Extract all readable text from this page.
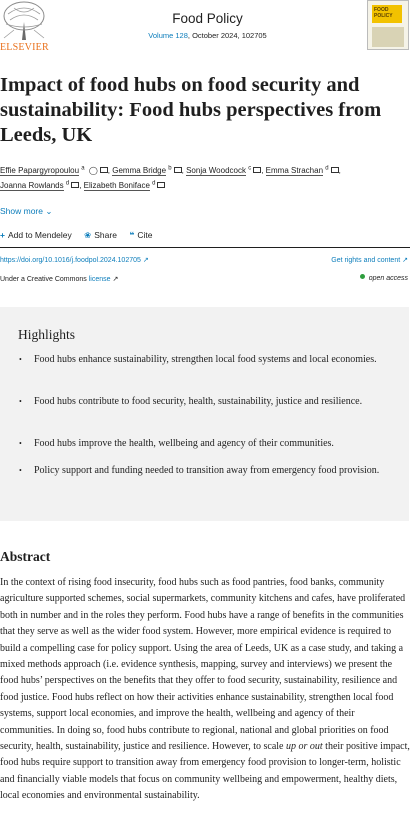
ELSEVIER
Food Policy
Volume 128, October 2024, 102705
FOOD POLICY
Impact of food hubs on food security and sustainability: Food hubs perspectives from Leeds, UK
Effie Papargyropoulou $^a$ ◯ , Gemma Bridge $^b$ , Sonja Woodcock $^c$ , Emma Strachan $^d$ ,
Joanna Rowlands $^d$ , Elizabeth Boniface $^d$
Show more ⌄
+ Add to Mendeley ❀ Share ❝ Cite
https://doi.org/10.1016/j.foodpol.2024.102705 ↗	Get rights and content ↗
Under a Creative Commons license ↗	open access
Highlights
• Food hubs enhance sustainability, strengthen local food systems and local economies.
• Food hubs contribute to food security, health, sustainability, justice and resilience.
• Food hubs improve the health, wellbeing and agency of their communities.
• Policy support and funding needed to transition away from emergency food provision.
Abstract

In the context of rising food insecurity, food hubs such as food pantries, food banks, community agriculture supported schemes, social supermarkets, community kitchens and cafes, have proliferated both in number and in the roles they perform. Food hubs have a range of benefits in the communities that they serve as well as the wider food system. However, more empirical evidence is required to build a compelling case for policy support. Using the area of Leeds, UK as a case study, and taking a mixed methods approach (i.e. evidence synthesis, mapping, survey and interviews) we present the food hubs’ perspectives on the benefits that they offer to food security, sustainability, resilience and food justice. Food hubs reflect on how their activities enhance sustainability, strengthen local food systems, support local economies, and improve the health, wellbeing and agency of their communities. In doing so, food hubs contribute to regional, national and global priorities on food security, health, sustainability, justice and resilience. However, to scale up or out their positive impact, food hubs require support to transition away from emergency food provision to longer-term, holistic and financially viable models that focus on community wellbeing and empowerment, healthy diets, local economies and environmental sustainability.
